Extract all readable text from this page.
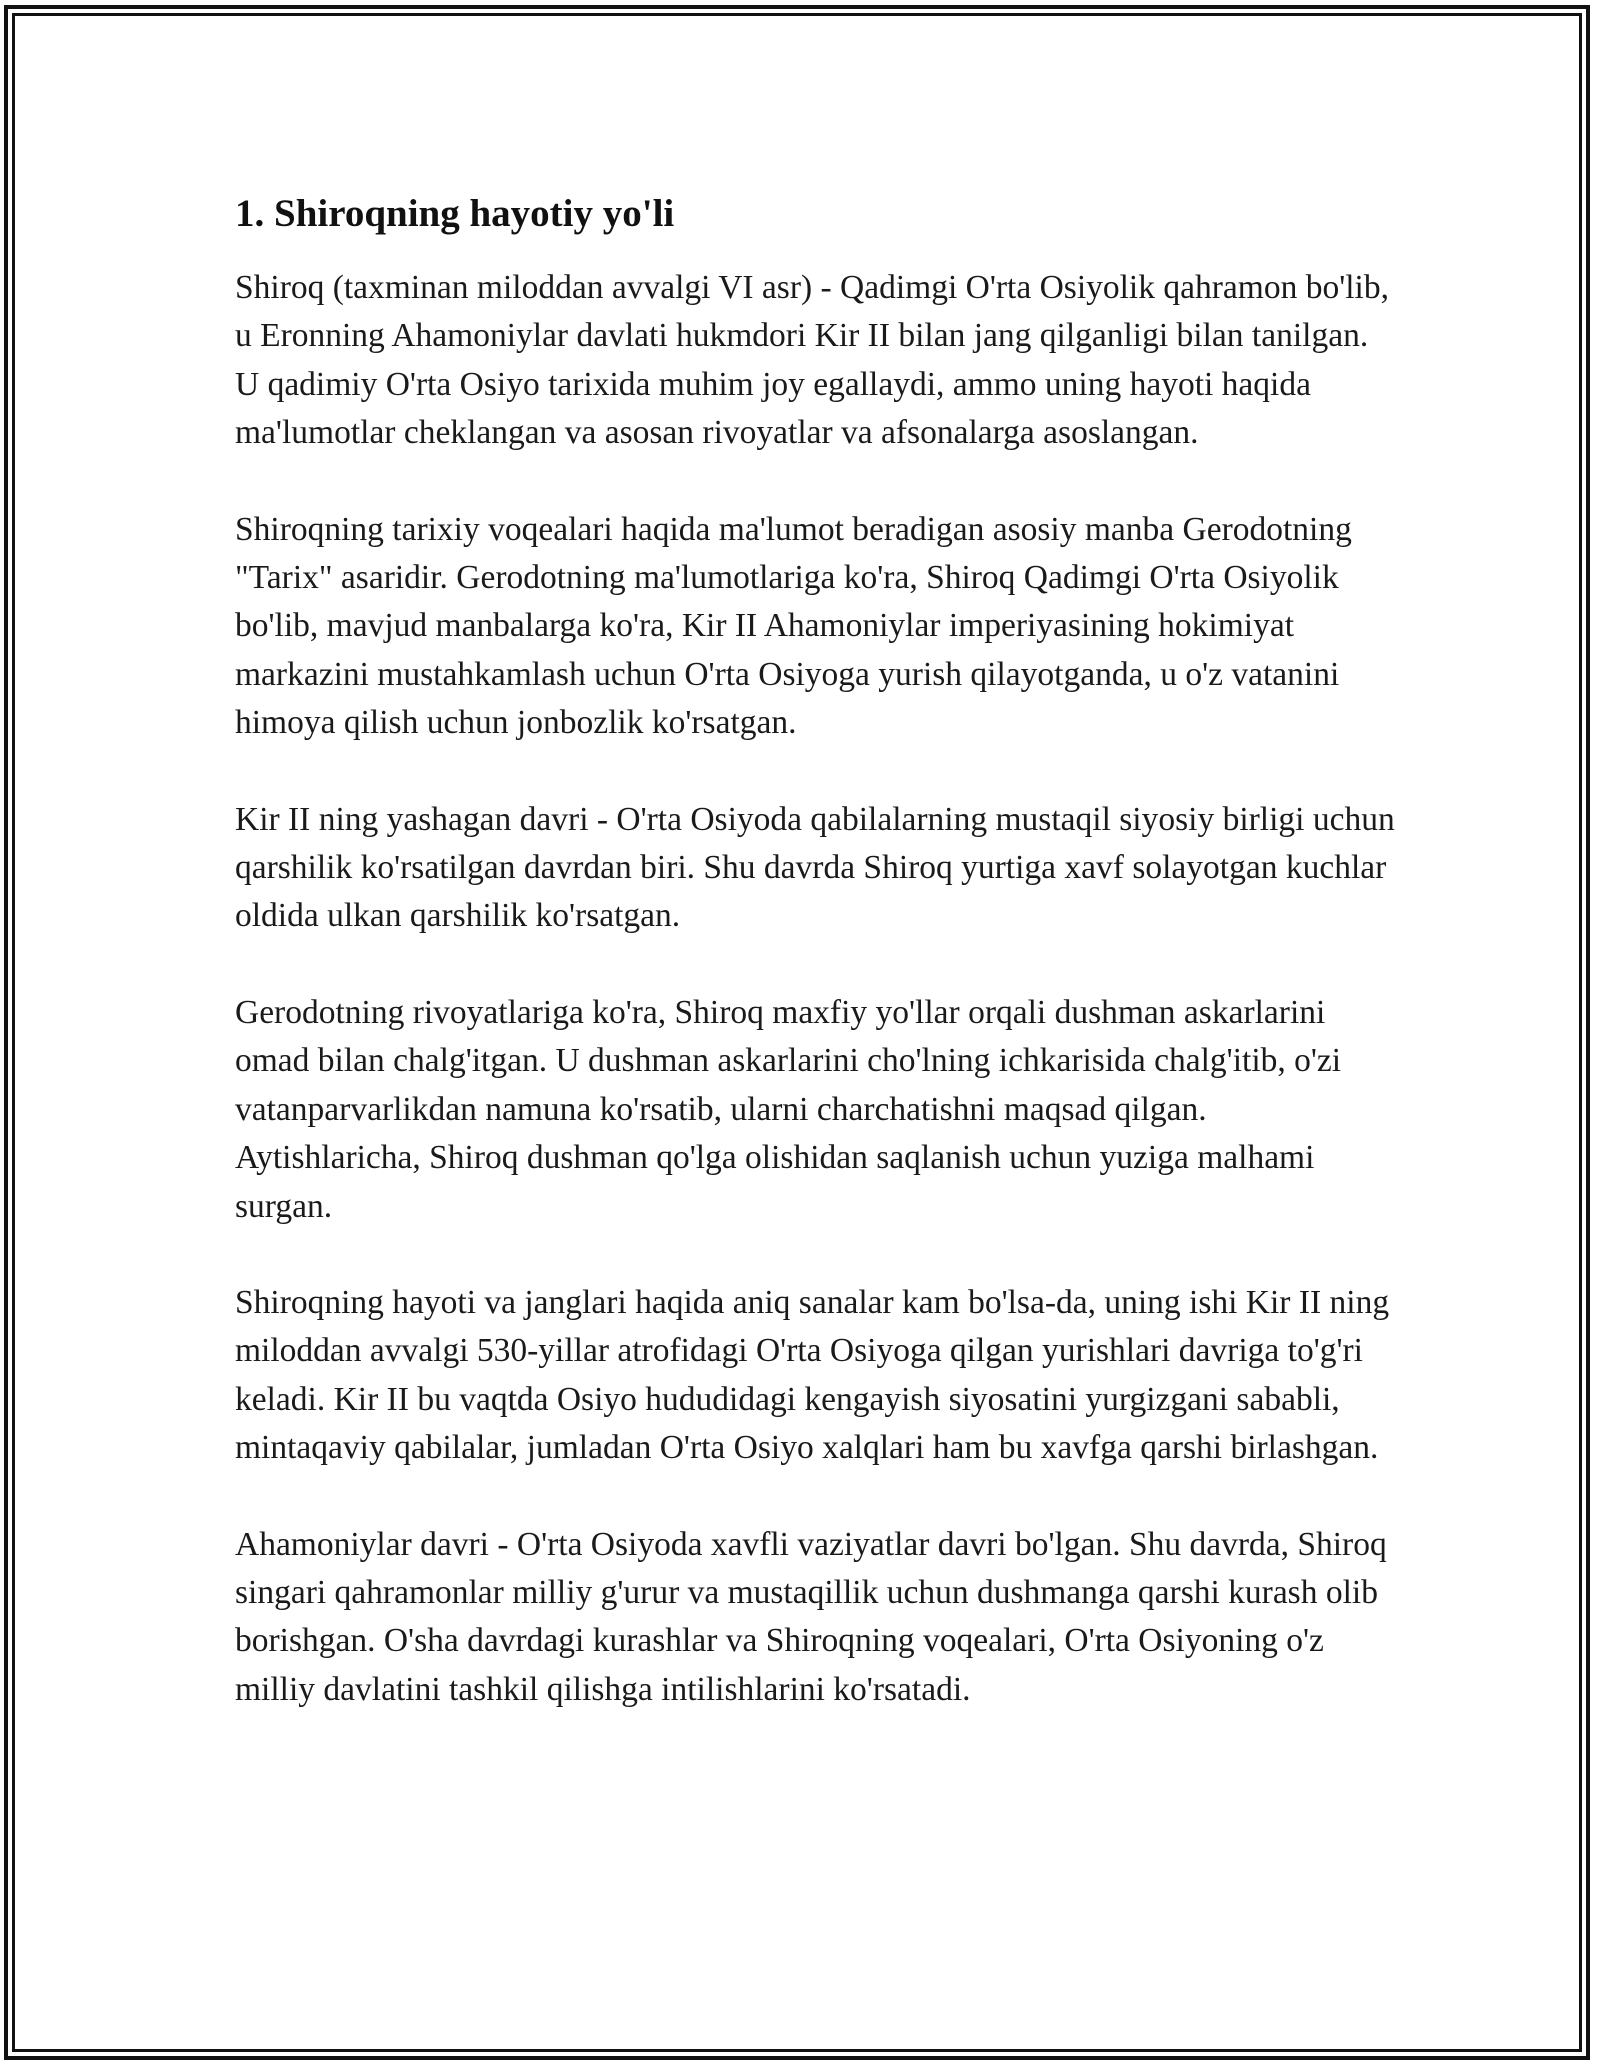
1. Shiroqning hayotiy yo'li

Shiroq (taxminan miloddan avvalgi VI asr) - Qadimgi O'rta Osiyolik qahramon bo'lib, u Eronning Ahamoniylar davlati hukmdori Kir II bilan jang qilganligi bilan tanilgan. U qadimiy O'rta Osiyo tarixida muhim joy egallaydi, ammo uning hayoti haqida ma'lumotlar cheklangan va asosan rivoyatlar va afsonalarga asoslangan.

Shiroqning tarixiy voqealari haqida ma'lumot beradigan asosiy manba Gerodotning "Tarix" asaridir. Gerodotning ma'lumotlariga ko'ra, Shiroq Qadimgi O'rta Osiyolik bo'lib, mavjud manbalarga ko'ra, Kir II Ahamoniylar imperiyasining hokimiyat markazini mustahkamlash uchun O'rta Osiyoga yurish qilayotganda, u o'z vatanini himoya qilish uchun jonbozlik ko'rsatgan.

Kir II ning yashagan davri - O'rta Osiyoda qabilalarning mustaqil siyosiy birligi uchun qarshilik ko'rsatilgan davrdan biri. Shu davrda Shiroq yurtiga xavf solayotgan kuchlar oldida ulkan qarshilik ko'rsatgan.

Gerodotning rivoyatlariga ko'ra, Shiroq maxfiy yo'llar orqali dushman askarlarini omad bilan chalg'itgan. U dushman askarlarini cho'lning ichkarisida chalg'itib, o'zi vatanparvarlikdan namuna ko'rsatib, ularni charchatishni maqsad qilgan. Aytishlaricha, Shiroq dushman qo'lga olishidan saqlanish uchun yuziga malhami surgan.

Shiroqning hayoti va janglari haqida aniq sanalar kam bo'lsa-da, uning ishi Kir II ning miloddan avvalgi 530-yillar atrofidagi O'rta Osiyoga qilgan yurishlari davriga to'g'ri keladi. Kir II bu vaqtda Osiyo hududidagi kengayish siyosatini yurgizgani sababli, mintaqaviy qabilalar, jumladan O'rta Osiyo xalqlari ham bu xavfga qarshi birlashgan.

Ahamoniylar davri - O'rta Osiyoda xavfli vaziyatlar davri bo'lgan. Shu davrda, Shiroq singari qahramonlar milliy g'urur va mustaqillik uchun dushmanga qarshi kurash olib borishgan. O'sha davrdagi kurashlar va Shiroqning voqealari, O'rta Osiyoning o'z milliy davlatini tashkil qilishga intilishlarini ko'rsatadi.
